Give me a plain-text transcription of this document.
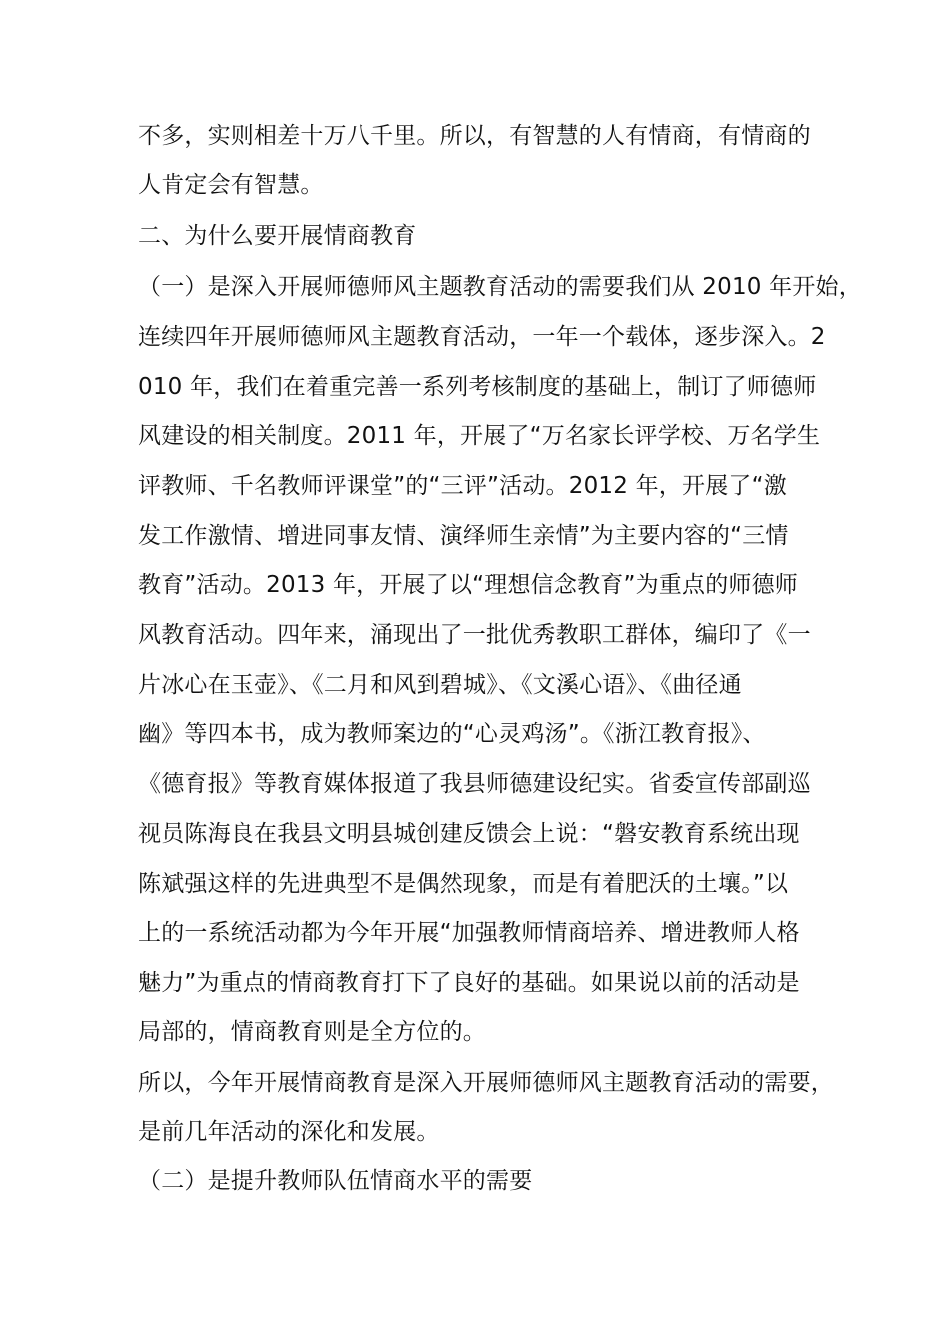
不多，实则相差十万八千里。所以，有智慧的人有情商，有情商的
人肯定会有智慧。
二、为什么要开展情商教育
（一）是深入开展师德师风主题教育活动的需要我们从 2010 年开始，
连续四年开展师德师风主题教育活动，一年一个载体，逐步深入。2
010 年，我们在着重完善一系列考核制度的基础上，制订了师德师
风建设的相关制度。2011 年，开展了“万名家长评学校、万名学生
评教师、千名教师评课堂”的“三评”活动。2012 年，开展了“激
发工作激情、增进同事友情、演绎师生亲情”为主要内容的“三情
教育”活动。2013 年，开展了以“理想信念教育”为重点的师德师
风教育活动。四年来，涌现出了一批优秀教职工群体，编印了《一
片冰心在玉壶》、《二月和风到碧城》、《文溪心语》、《曲径通
幽》等四本书，成为教师案边的“心灵鸡汤”。《浙江教育报》、
《德育报》等教育媒体报道了我县师德建设纪实。省委宣传部副巡
视员陈海良在我县文明县城创建反馈会上说：“磐安教育系统出现
陈斌强这样的先进典型不是偶然现象，而是有着肥沃的土壤。”以
上的一系统活动都为今年开展“加强教师情商培养、增进教师人格
魅力”为重点的情商教育打下了良好的基础。如果说以前的活动是
局部的，情商教育则是全方位的。
所以，今年开展情商教育是深入开展师德师风主题教育活动的需要，
是前几年活动的深化和发展。
（二）是提升教师队伍情商水平的需要
